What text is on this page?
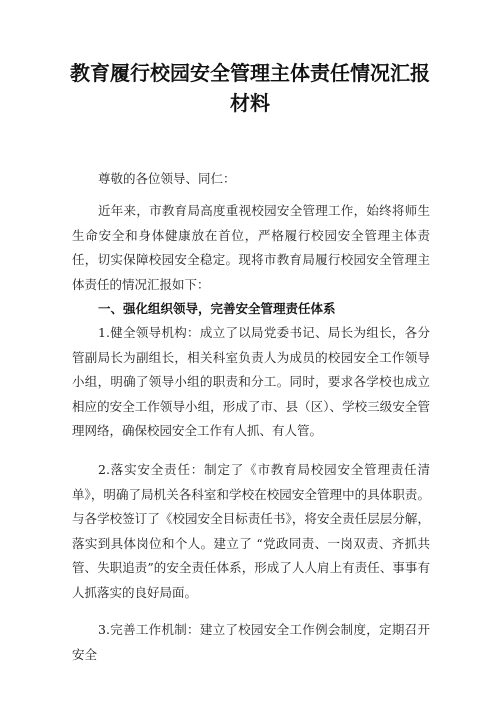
教育履行校园安全管理主体责任情况汇报
材料
尊敬的各位领导、同仁：
近年来，市教育局高度重视校园安全管理工作，始终将师生生命安全和身体健康放在首位，严格履行校园安全管理主体责任，切实保障校园安全稳定。现将市教育局履行校园安全管理主体责任的情况汇报如下：
一、强化组织领导，完善安全管理责任体系
1.健全领导机构：成立了以局党委书记、局长为组长，各分管副局长为副组长，相关科室负责人为成员的校园安全工作领导小组，明确了领导小组的职责和分工。同时，要求各学校也成立相应的安全工作领导小组，形成了市、县（区）、学校三级安全管理网络，确保校园安全工作有人抓、有人管。
2.落实安全责任：制定了《市教育局校园安全管理责任清单》，明确了局机关各科室和学校在校园安全管理中的具体职责。与各学校签订了《校园安全目标责任书》，将安全责任层层分解，落实到具体岗位和个人。建立了 “党政同责、一岗双责、齐抓共管、失职追责”的安全责任体系，形成了人人肩上有责任、事事有人抓落实的良好局面。
3.完善工作机制：建立了校园安全工作例会制度，定期召开安全
